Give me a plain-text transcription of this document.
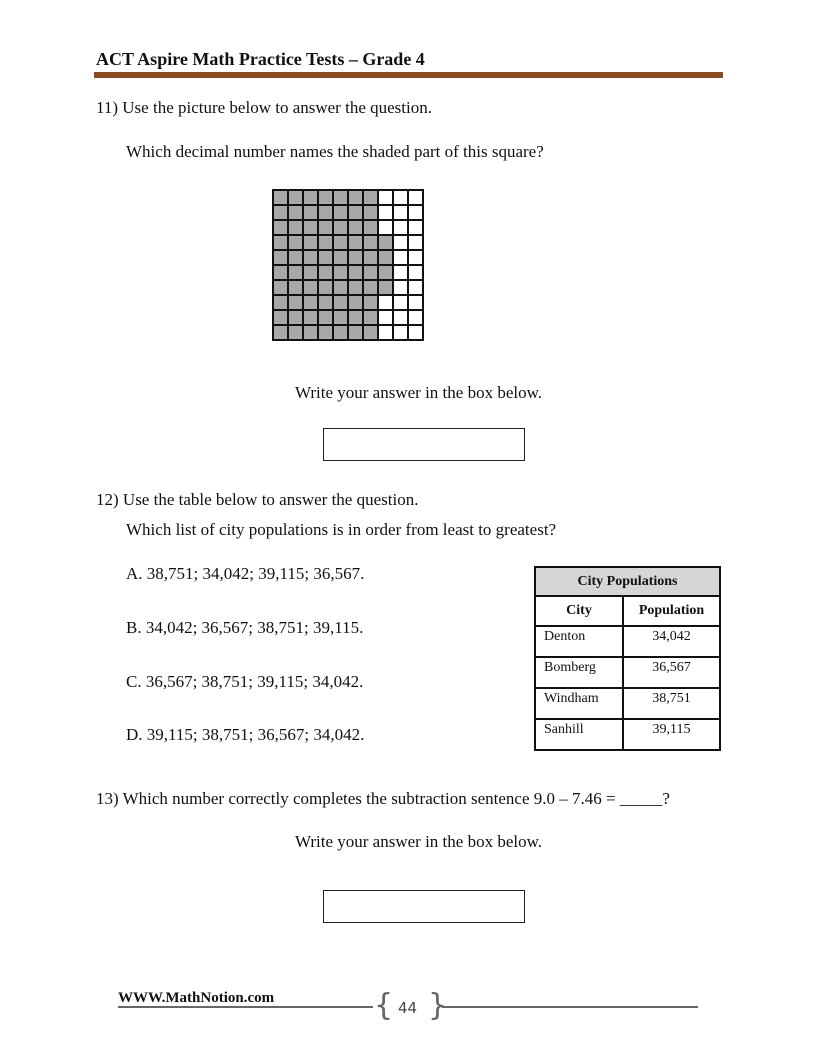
ACT Aspire Math Practice Tests – Grade 4
11) Use the picture below to answer the question.
Which decimal number names the shaded part of this square?
Write your answer in the box below.
12) Use the table below to answer the question.
Which list of city populations is in order from least to greatest?
A. 38,751; 34,042; 39,115; 36,567.
B. 34,042; 36,567; 38,751; 39,115.
C. 36,567; 38,751; 39,115; 34,042.
D. 39,115; 38,751; 36,567; 34,042.
City Populations	
City	Population
Denton	34,042
Bomberg	36,567
Windham	38,751
Sanhill	39,115
13) Which number correctly completes the subtraction sentence 9.0 – 7.46 = _____?
Write your answer in the box below.
WWW.MathNotion.com	{ }
44
